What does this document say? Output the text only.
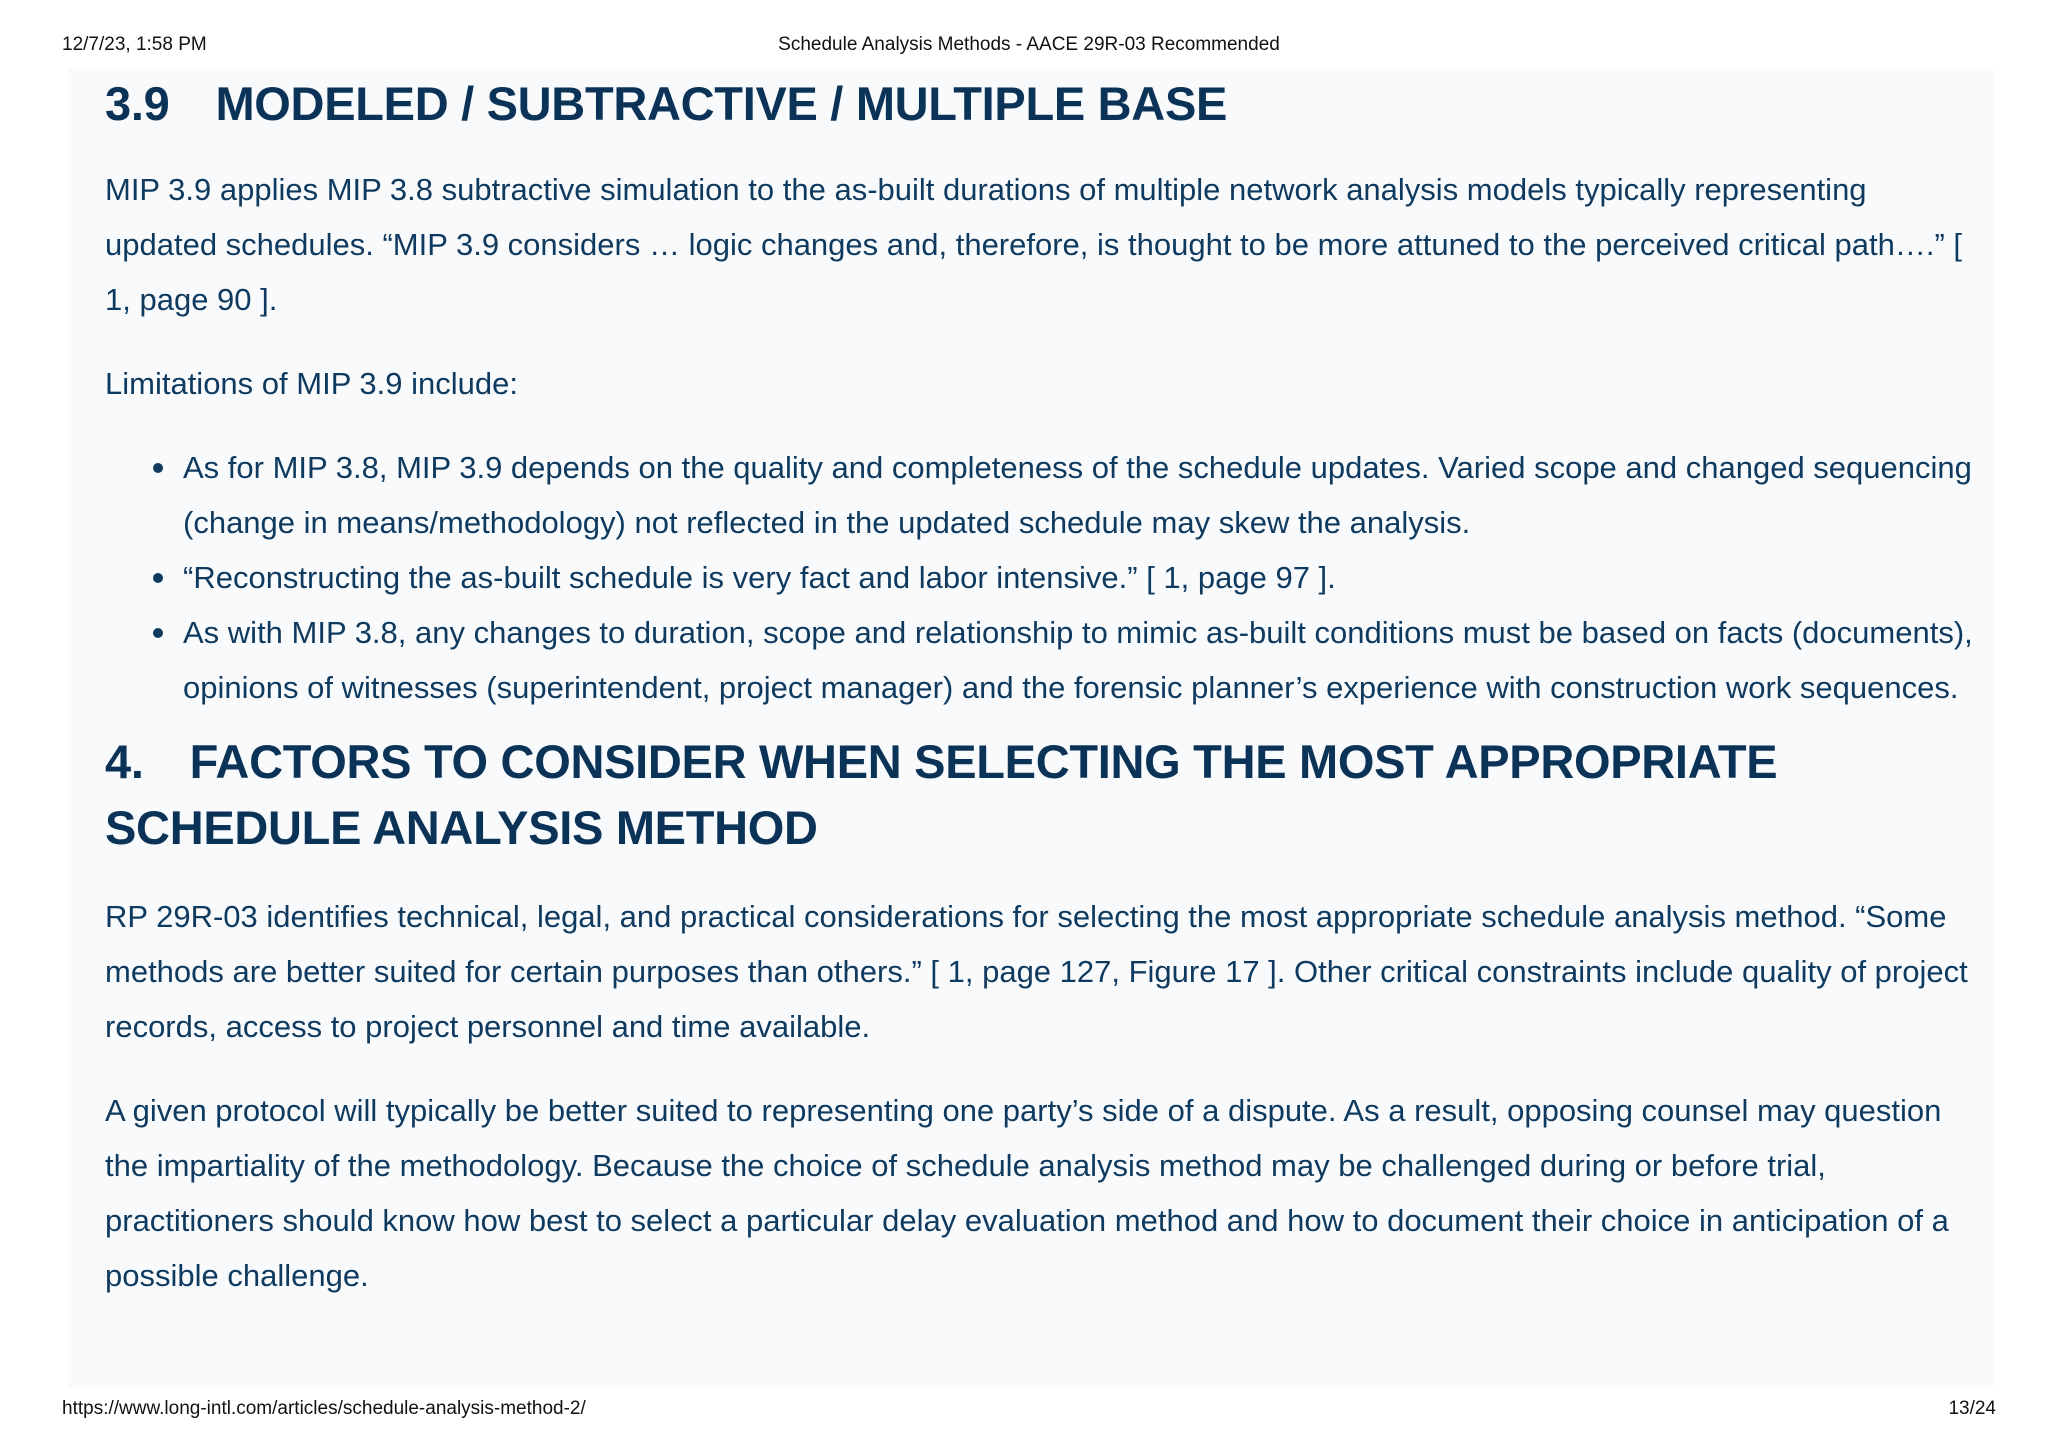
12/7/23, 1:58 PM	Schedule Analysis Methods - AACE 29R-03 Recommended
3.9 MODELED / SUBTRACTIVE / MULTIPLE BASE

MIP 3.9 applies MIP 3.8 subtractive simulation to the as-built durations of multiple network analysis models typically representing updated schedules. “MIP 3.9 considers … logic changes and, therefore, is thought to be more attuned to the perceived critical path….” [ 1, page 90 ].

Limitations of MIP 3.9 include:

As for MIP 3.8, MIP 3.9 depends on the quality and completeness of the schedule updates. Varied scope and changed sequencing (change in means/methodology) not reflected in the updated schedule may skew the analysis.
“Reconstructing the as-built schedule is very fact and labor intensive.” [ 1, page 97 ].
As with MIP 3.8, any changes to duration, scope and relationship to mimic as-built conditions must be based on facts (documents), opinions of witnesses (superintendent, project manager) and the forensic planner’s experience with construction work sequences.
4. FACTORS TO CONSIDER WHEN SELECTING THE MOST APPROPRIATE SCHEDULE ANALYSIS METHOD

RP 29R-03 identifies technical, legal, and practical considerations for selecting the most appropriate schedule analysis method. “Some methods are better suited for certain purposes than others.” [ 1, page 127, Figure 17 ]. Other critical constraints include quality of project records, access to project personnel and time available.

A given protocol will typically be better suited to representing one party’s side of a dispute. As a result, opposing counsel may question the impartiality of the methodology. Because the choice of schedule analysis method may be challenged during or before trial, practitioners should know how best to select a particular delay evaluation method and how to document their choice in anticipation of a possible challenge.

https://www.long-intl.com/articles/schedule-analysis-method-2/	13/24
